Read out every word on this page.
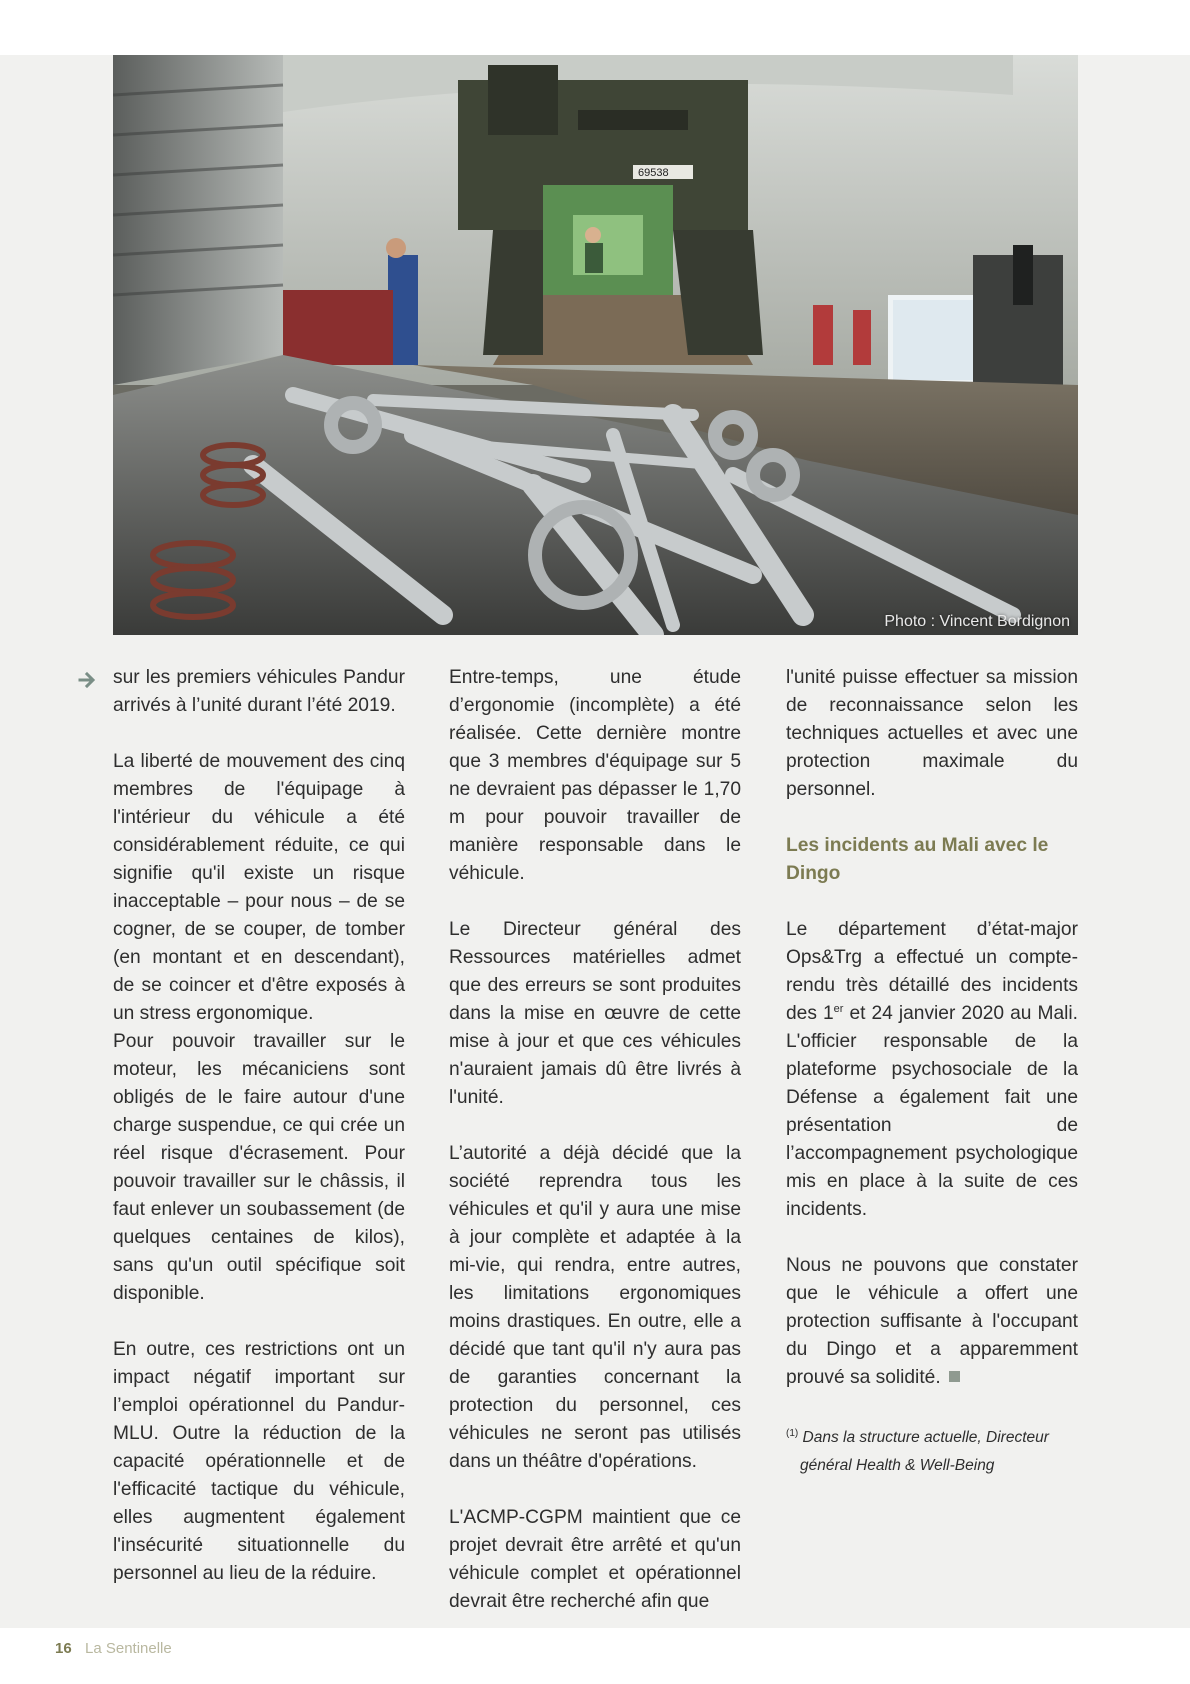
69538
Photo : Vincent Bordignon

sur les premiers véhicules Pandur arrivés à l’unité durant l’été 2019.

La liberté de mouvement des cinq membres de l'équipage à l'intérieur du véhicule a été considérablement réduite, ce qui signifie qu'il existe un risque inacceptable – pour nous – de se cogner, de se couper, de tomber (en montant et en descendant), de se coincer et d'être exposés à un stress ergonomique.

Pour pouvoir travailler sur le moteur, les mécaniciens sont obligés de le faire autour d'une charge suspendue, ce qui crée un réel risque d'écrasement. Pour pouvoir travailler sur le châssis, il faut enlever un soubassement (de quelques centaines de kilos), sans qu'un outil spécifique soit disponible.

En outre, ces restrictions ont un impact négatif important sur l’emploi opérationnel du Pandur-MLU. Outre la réduction de la capacité opérationnelle et de l'efficacité tactique du véhicule, elles augmentent également l'insécurité situationnelle du personnel au lieu de la réduire.

Entre-temps, une étude d’ergonomie (incomplète) a été réalisée. Cette dernière montre que 3 membres d'équipage sur 5 ne devraient pas dépasser le 1,70 m pour pouvoir travailler de manière responsable dans le véhicule.

Le Directeur général des Ressources matérielles admet que des erreurs se sont produites dans la mise en œuvre de cette mise à jour et que ces véhicules n'auraient jamais dû être livrés à l'unité.

L’autorité a déjà décidé que la société reprendra tous les véhicules et qu'il y aura une mise à jour complète et adaptée à la mi-vie, qui rendra, entre autres, les limitations ergonomiques moins drastiques. En outre, elle a décidé que tant qu'il n'y aura pas de garanties concernant la protection du personnel, ces véhicules ne seront pas utilisés dans un théâtre d'opérations.

L'ACMP-CGPM maintient que ce projet devrait être arrêté et qu'un véhicule complet et opérationnel devrait être recherché afin que

l'unité puisse effectuer sa mission de reconnaissance selon les techniques actuelles et avec une protection maximale du personnel.

Les incidents au Mali avec le Dingo

Le département d’état-major Ops&Trg a effectué un compte-rendu très détaillé des incidents des 1er et 24 janvier 2020 au Mali. L'officier responsable de la plateforme psychosociale de la Défense a également fait une présentation de l’accompagnement psychologique mis en place à la suite de ces incidents.

Nous ne pouvons que constater que le véhicule a offert une protection suffisante à l'occupant du Dingo et a apparemment prouvé sa solidité.

$^{(1)}$ Dans la structure actuelle, Directeur
général Health & Well-Being
16 La Sentinelle
